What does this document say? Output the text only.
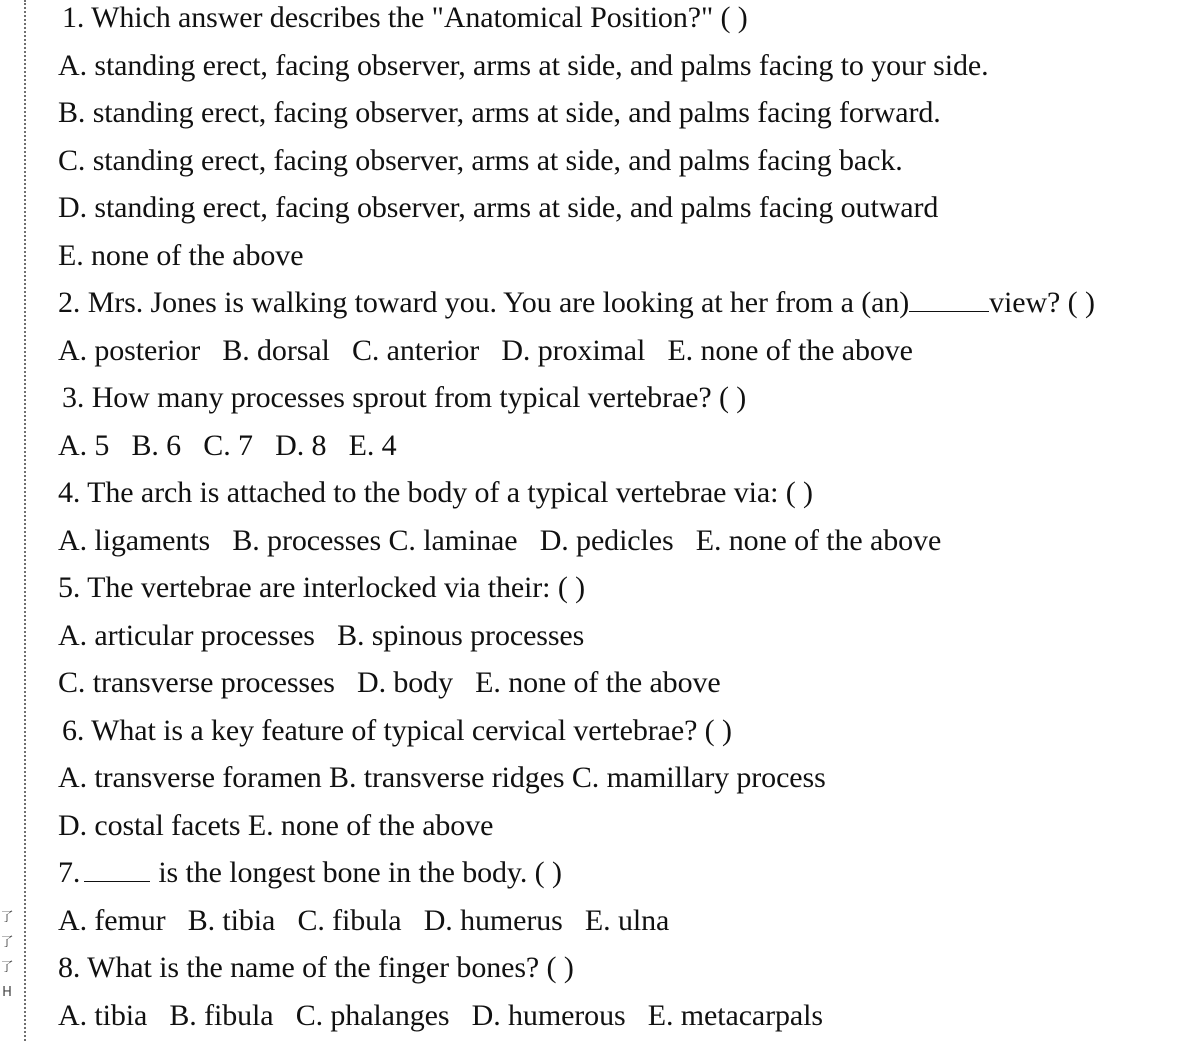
了
了
了
H
1. Which answer describes the "Anatomical Position?" ( )
A. standing erect, facing observer, arms at side, and palms facing to your side.
B. standing erect, facing observer, arms at side, and palms facing forward.
C. standing erect, facing observer, arms at side, and palms facing back.
D. standing erect, facing observer, arms at side, and palms facing outward
E. none of the above
2. Mrs. Jones is walking toward you. You are looking at her from a (an)	view? ( )
A. posterior B. dorsal C. anterior D. proximal E. none of the above
3. How many processes sprout from typical vertebrae? ( )
A. 5 B. 6 C. 7 D. 8 E. 4
4. The arch is attached to the body of a typical vertebrae via: ( )
A. ligaments B. processes C. laminae D. pedicles E. none of the above
5. The vertebrae are interlocked via their: ( )
A. articular processes B. spinous processes
C. transverse processes D. body E. none of the above
6. What is a key feature of typical cervical vertebrae? ( )
A. transverse foramen B. transverse ridges C. mamillary process
D. costal facets E. none of the above
7.	is the longest bone in the body. ( )
A. femur B. tibia C. fibula D. humerus E. ulna
8. What is the name of the finger bones? ( )
A. tibia B. fibula C. phalanges D. humerous E. metacarpals
